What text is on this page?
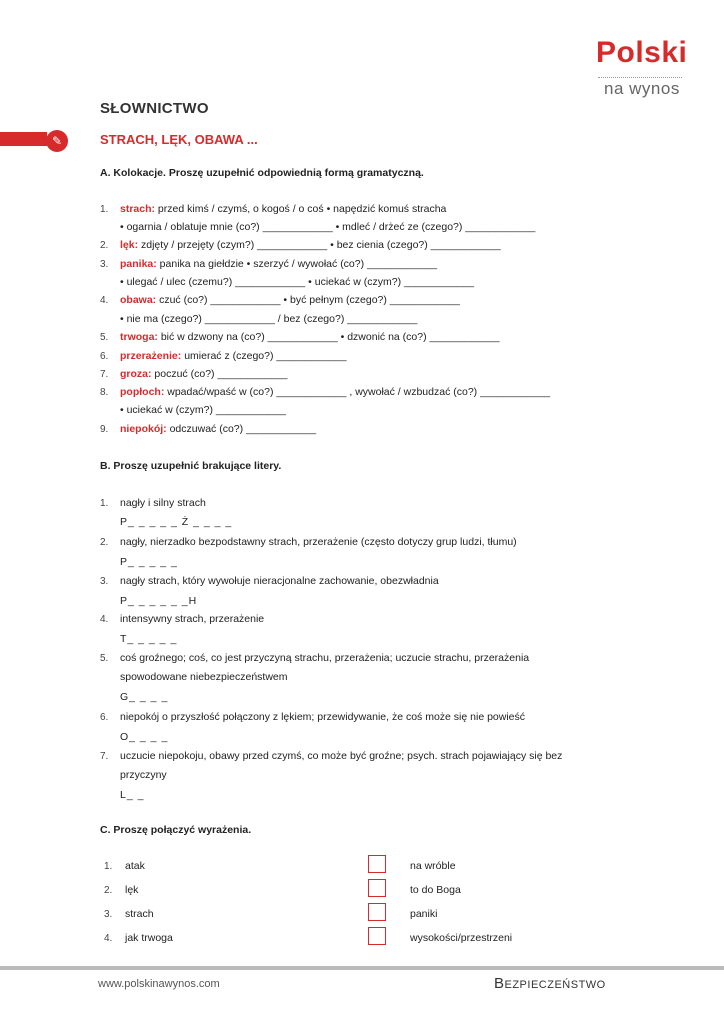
Polski
na wynos
SŁOWNICTWO
✎	STRACH, LĘK, OBAWA ...
A. Kolokacje. Proszę uzupełnić odpowiednią formą gramatyczną.
1. strach: przed kimś / czymś, o kogoś / o coś • napędzić komuś stracha
• ogarnia / oblatuje mnie (co?) ____________ • mdleć / drżeć ze (czego?) ____________
2. lęk: zdjęty / przejęty (czym?) ____________ • bez cienia (czego?) ____________
3. panika: panika na giełdzie • szerzyć / wywołać (co?) ____________
• ulegać / ulec (czemu?) ____________ • uciekać w (czym?) ____________
4. obawa: czuć (co?) ____________ • być pełnym (czego?) ____________
• nie ma (czego?) ____________ / bez (czego?) ____________
5. trwoga: bić w dzwony na (co?) ____________ • dzwonić na (co?) ____________
6. przerażenie: umierać z (czego?) ____________
7. groza: poczuć (co?) ____________
8. popłoch: wpadać/wpaść w (co?) ____________ , wywołać / wzbudzać (co?) ____________
• uciekać w (czym?) ____________
9. niepokój: odczuwać (co?) ____________
B. Proszę uzupełnić brakujące litery.
1. nagły i silny strach
P_ _ _ _ _ Ż _ _ _ _
2. nagły, nierzadko bezpodstawny strach, przerażenie (często dotyczy grup ludzi, tłumu)
P_ _ _ _ _
3. nagły strach, który wywołuje nieracjonalne zachowanie, obezwładnia
P_ _ _ _ _ _H
4. intensywny strach, przerażenie
T_ _ _ _ _
5. coś groźnego; coś, co jest przyczyną strachu, przerażenia; uczucie strachu, przerażenia
spowodowane niebezpieczeństwem
G_ _ _ _
6. niepokój o przyszłość połączony z lękiem; przewidywanie, że coś może się nie powieść
O_ _ _ _
7. uczucie niepokoju, obawy przed czymś, co może być groźne; psych. strach pojawiający się bez
przyczyny
L_ _
C. Proszę połączyć wyrażenia.
1. atak	na wróble
2. lęk	to do Boga
3. strach	paniki
4. jak trwoga	wysokości/przestrzeni
www.polskinawynos.com	Bezpieczeństwo
